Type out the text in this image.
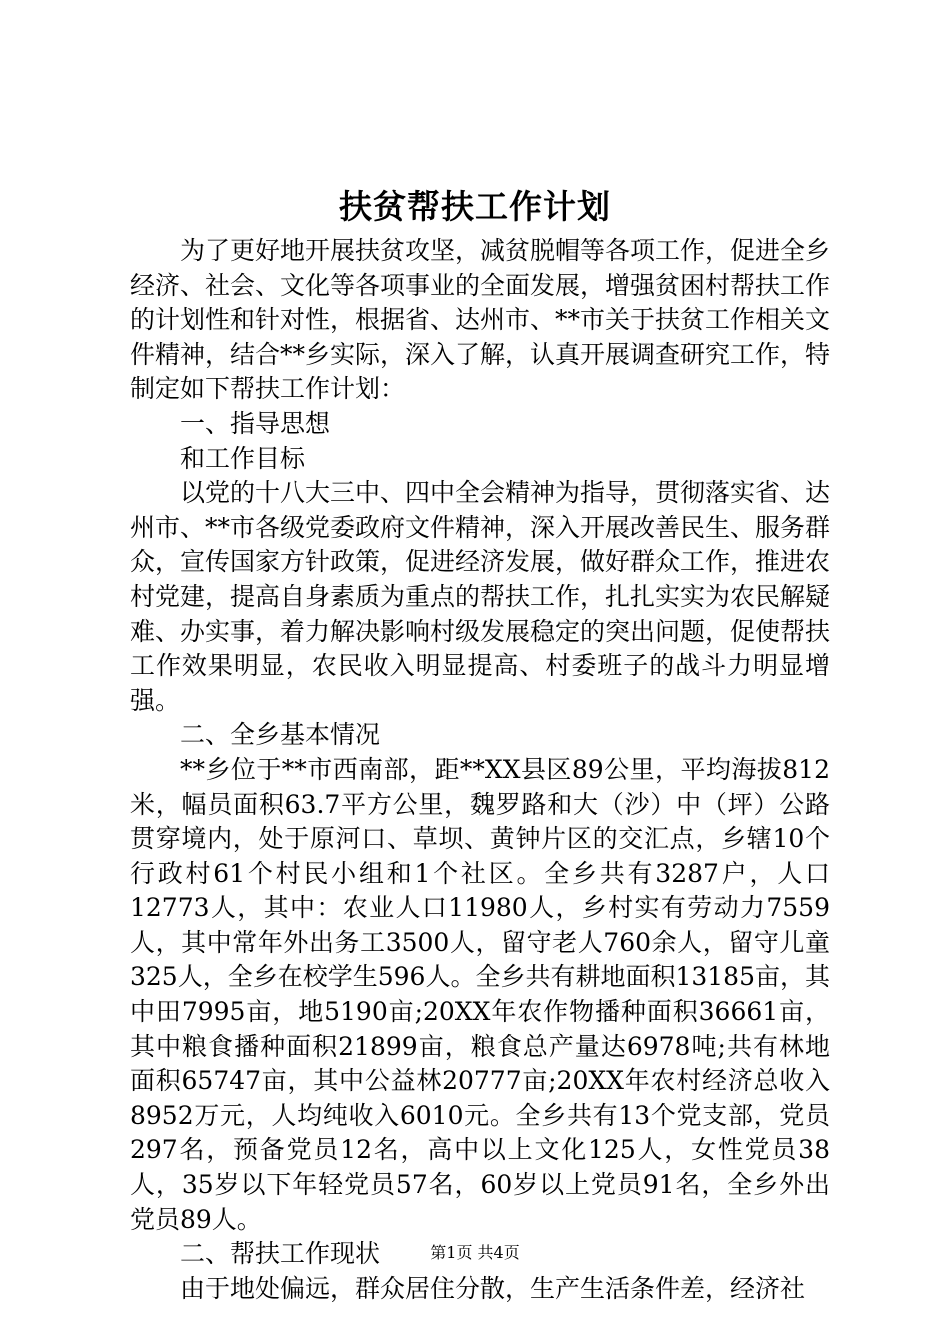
扶贫帮扶工作计划

为了更好地开展扶贫攻坚，减贫脱帽等各项工作，促进全乡经济、社会、文化等各项事业的全面发展，增强贫困村帮扶工作的计划性和针对性，根据省、达州市、**市关于扶贫工作相关文件精神，结合**乡实际，深入了解，认真开展调查研究工作，特制定如下帮扶工作计划：

一、指导思想

和工作目标

以党的十八大三中、四中全会精神为指导，贯彻落实省、达州市、**市各级党委政府文件精神，深入开展改善民生、服务群众，宣传国家方针政策，促进经济发展，做好群众工作，推进农村党建，提高自身素质为重点的帮扶工作，扎扎实实为农民解疑难、办实事，着力解决影响村级发展稳定的突出问题，促使帮扶工作效果明显，农民收入明显提高、村委班子的战斗力明显增强。

二、全乡基本情况

**乡位于**市西南部，距**XX县区89公里，平均海拔812米，幅员面积63.7平方公里，魏罗路和大（沙）中（坪）公路贯穿境内，处于原河口、草坝、黄钟片区的交汇点，乡辖10个行政村61个村民小组和1个社区。全乡共有3287户，人口12773人，其中：农业人口11980人，乡村实有劳动力7559人，其中常年外出务工3500人，留守老人760余人，留守儿童325人，全乡在校学生596人。全乡共有耕地面积13185亩，其中田7995亩，地5190亩;20XX年农作物播种面积36661亩，其中粮食播种面积21899亩，粮食总产量达6978吨;共有林地面积65747亩，其中公益林20777亩;20XX年农村经济总收入8952万元，人均纯收入6010元。全乡共有13个党支部，党员297名，预备党员12名，高中以上文化125人，女性党员38人，35岁以下年轻党员57名，60岁以上党员91名，全乡外出党员89人。

二、帮扶工作现状

由于地处偏远，群众居住分散，生产生活条件差，经济社

第1页 共4页
